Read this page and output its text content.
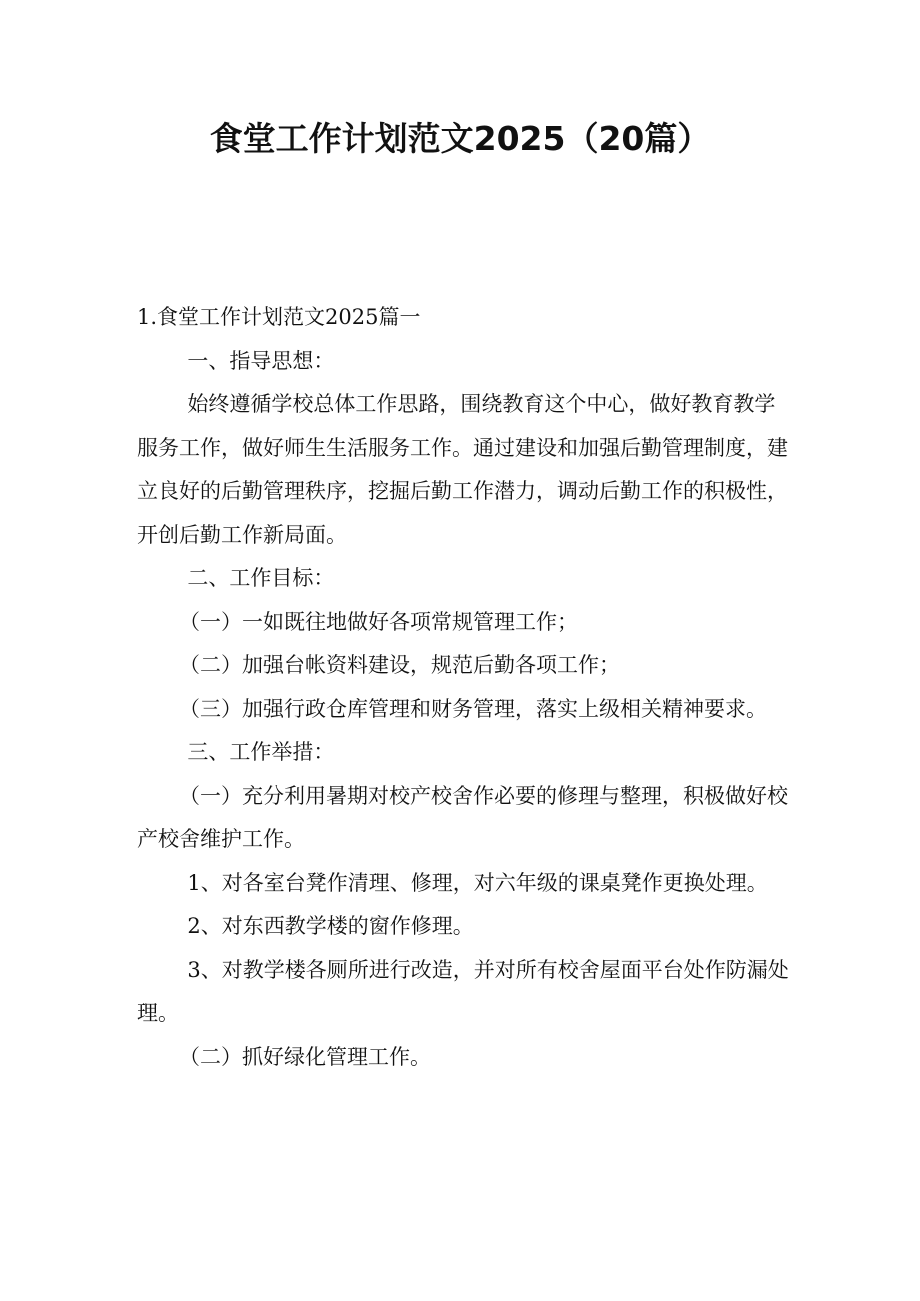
食堂工作计划范文2025（20篇）

1.食堂工作计划范文2025篇一

一、指导思想：

始终遵循学校总体工作思路，围绕教育这个中心，做好教育教学服务工作，做好师生生活服务工作。通过建设和加强后勤管理制度，建立良好的后勤管理秩序，挖掘后勤工作潜力，调动后勤工作的积极性，开创后勤工作新局面。

二、工作目标：

（一）一如既往地做好各项常规管理工作；

（二）加强台帐资料建设，规范后勤各项工作；

（三）加强行政仓库管理和财务管理，落实上级相关精神要求。

三、工作举措：

（一）充分利用暑期对校产校舍作必要的修理与整理，积极做好校产校舍维护工作。

1、对各室台凳作清理、修理，对六年级的课桌凳作更换处理。

2、对东西教学楼的窗作修理。

3、对教学楼各厕所进行改造，并对所有校舍屋面平台处作防漏处理。

（二）抓好绿化管理工作。
